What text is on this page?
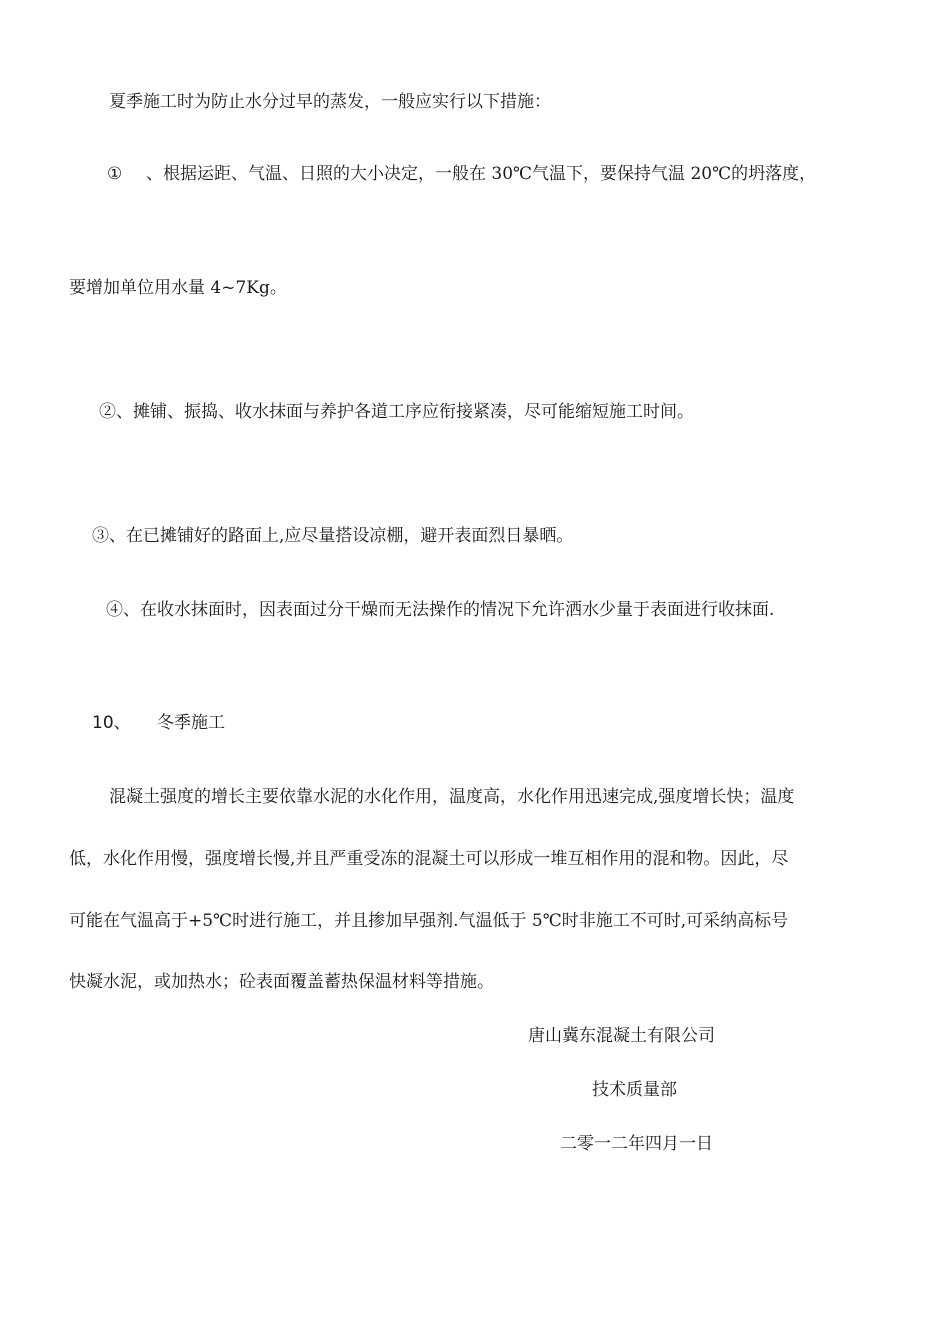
夏季施工时为防止水分过早的蒸发，一般应实行以下措施：
① 、根据运距、气温、日照的大小决定，一般在 30℃气温下，要保持气温 20℃的坍落度，
要增加单位用水量 4~7Kg。
②、摊铺、振捣、收水抹面与养护各道工序应衔接紧凑，尽可能缩短施工时间。
③、在已摊铺好的路面上,应尽量搭设凉棚，避开表面烈日暴晒。
④、在收水抹面时，因表面过分干燥而无法操作的情况下允许洒水少量于表面进行收抹面.
10、 冬季施工
混凝土强度的增长主要依靠水泥的水化作用，温度高，水化作用迅速完成,强度增长快；温度
低，水化作用慢，强度增长慢,并且严重受冻的混凝土可以形成一堆互相作用的混和物。因此，尽
可能在气温高于+5℃时进行施工，并且掺加早强剂.气温低于 5℃时非施工不可时,可采纳高标号
快凝水泥，或加热水；砼表面覆盖蓄热保温材料等措施。
唐山冀东混凝土有限公司
技术质量部
二零一二年四月一日
